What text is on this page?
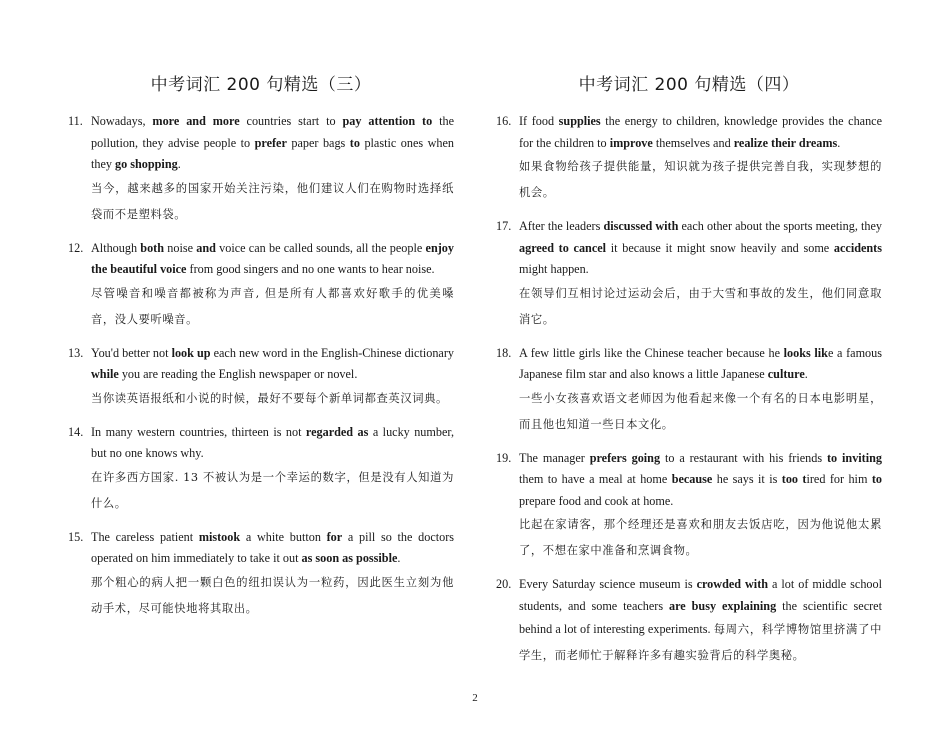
中考词汇 200 句精选（三）
11. Nowadays, more and more countries start to pay attention to the pollution, they advise people to prefer paper bags to plastic ones when they go shopping.
当今，越来越多的国家开始关注污染，他们建议人们在购物时选择纸袋而不是塑料袋。
12. Although both noise and voice can be called sounds, all the people enjoy the beautiful voice from good singers and no one wants to hear noise.
尽管噪音和噪音都被称为声音, 但是所有人都喜欢好歌手的优美嗓音，没人要听噪音。
13. You'd better not look up each new word in the English-Chinese dictionary while you are reading the English newspaper or novel.
当你读英语报纸和小说的时候，最好不要每个新单词都查英汉词典。
14. In many western countries, thirteen is not regarded as a lucky number, but no one knows why.
在许多西方国家. 13 不被认为是一个幸运的数字，但是没有人知道为什么。
15. The careless patient mistook a white button for a pill so the doctors operated on him immediately to take it out as soon as possible.
那个粗心的病人把一颗白色的纽扣误认为一粒药，因此医生立刻为他动手术，尽可能快地将其取出。
中考词汇 200 句精选（四）
16. If food supplies the energy to children, knowledge provides the chance for the children to improve themselves and realize their dreams.
如果食物给孩子提供能量，知识就为孩子提供完善自我，实现梦想的机会。
17. After the leaders discussed with each other about the sports meeting, they agreed to cancel it because it might snow heavily and some accidents might happen.
在领导们互相讨论过运动会后，由于大雪和事故的发生，他们同意取消它。
18. A few little girls like the Chinese teacher because he looks like a famous Japanese film star and also knows a little Japanese culture.
一些小女孩喜欢语文老师因为他看起来像一个有名的日本电影明星，而且他也知道一些日本文化。
19. The manager prefers going to a restaurant with his friends to inviting them to have a meal at home because he says it is too tired for him to prepare food and cook at home.
比起在家请客，那个经理还是喜欢和朋友去饭店吃，因为他说他太累了，不想在家中准备和烹调食物。
20. Every Saturday science museum is crowded with a lot of middle school students, and some teachers are busy explaining the scientific secret behind a lot of interesting experiments. 每周六，科学博物馆里挤满了中学生，而老师忙于解释许多有趣实验背后的科学奥秘。
2
